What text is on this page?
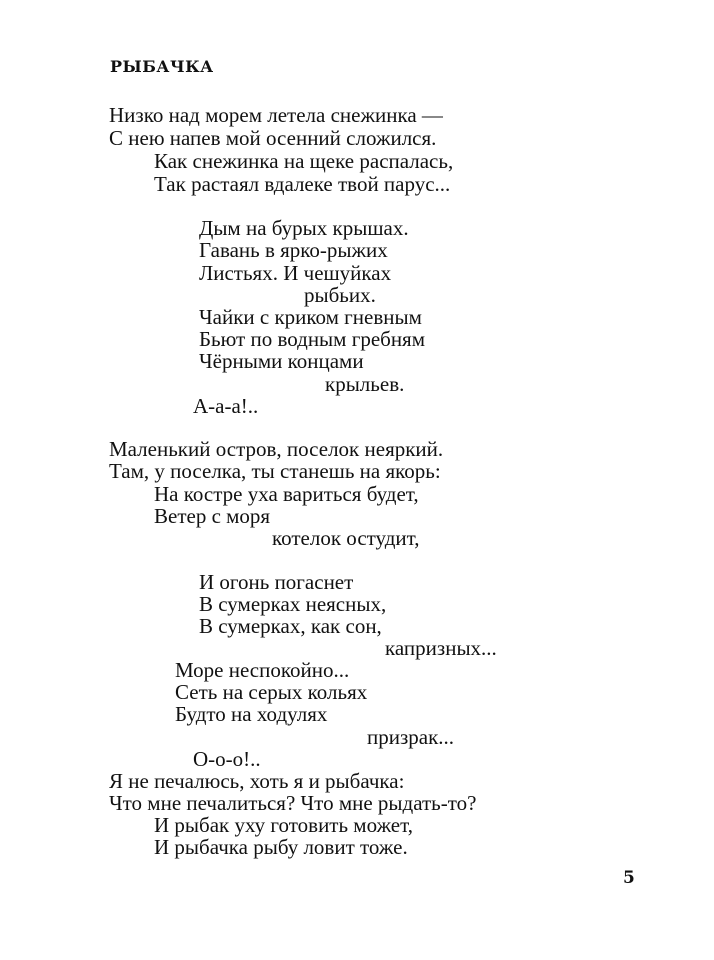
РЫБАЧКА
Низко над морем летела снежинка —
С нею напев мой осенний сложился.
Как снежинка на щеке распалась,
Так растаял вдалеке твой парус...
Дым на бурых крышах.
Гавань в ярко-рыжих
Листьях. И чешуйках
рыбьих.
Чайки с криком гневным
Бьют по водным гребням
Чёрными концами
крыльев.
А-а-а!..
Маленький остров, поселок неяркий.
Там, у поселка, ты станешь на якорь:
На костре уха вариться будет,
Ветер с моря
котелок остудит,
И огонь погаснет
В сумерках неясных,
В сумерках, как сон,
капризных...
Море неспокойно...
Сеть на серых кольях
Будто на ходулях
призрак...
О-о-о!..
Я не печалюсь, хоть я и рыбачка:
Что мне печалиться? Что мне рыдать-то?
И рыбак уху готовить может,
И рыбачка рыбу ловит тоже.
5
